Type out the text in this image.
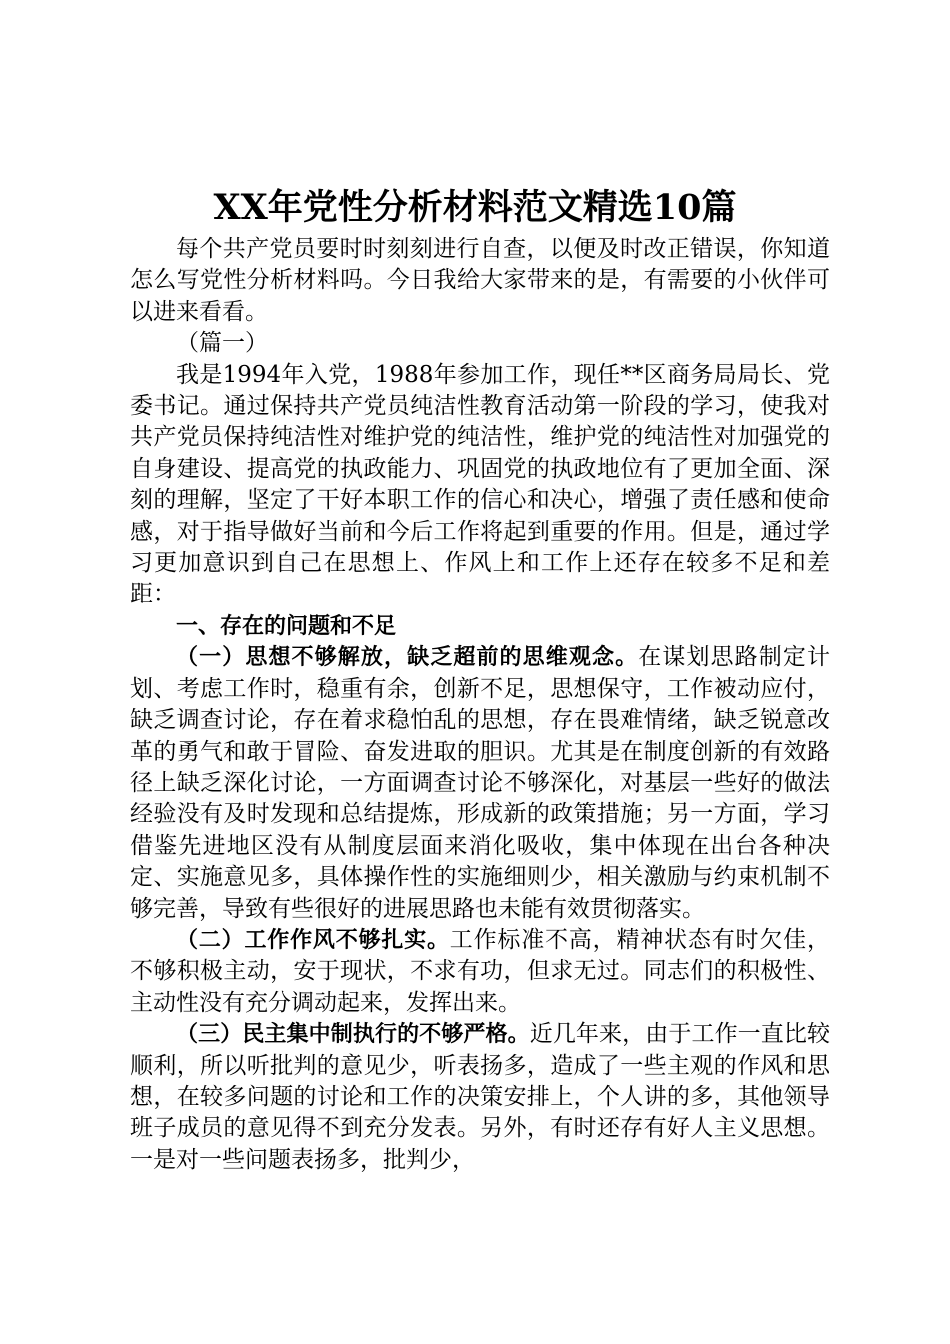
XX年党性分析材料范文精选10篇

每个共产党员要时时刻刻进行自查，以便及时改正错误，你知道怎么写党性分析材料吗。今日我给大家带来的是，有需要的小伙伴可以进来看看。

（篇一）

我是1994年入党，1988年参加工作，现任**区商务局局长、党委书记。通过保持共产党员纯洁性教育活动第一阶段的学习，使我对共产党员保持纯洁性对维护党的纯洁性，维护党的纯洁性对加强党的自身建设、提高党的执政能力、巩固党的执政地位有了更加全面、深刻的理解，坚定了干好本职工作的信心和决心，增强了责任感和使命感，对于指导做好当前和今后工作将起到重要的作用。但是，通过学习更加意识到自己在思想上、作风上和工作上还存在较多不足和差距：

一、存在的问题和不足

（一）思想不够解放，缺乏超前的思维观念。在谋划思路制定计划、考虑工作时，稳重有余，创新不足，思想保守，工作被动应付，缺乏调查讨论，存在着求稳怕乱的思想，存在畏难情绪，缺乏锐意改革的勇气和敢于冒险、奋发进取的胆识。尤其是在制度创新的有效路径上缺乏深化讨论，一方面调查讨论不够深化，对基层一些好的做法经验没有及时发现和总结提炼，形成新的政策措施；另一方面，学习借鉴先进地区没有从制度层面来消化吸收，集中体现在出台各种决定、实施意见多，具体操作性的实施细则少，相关激励与约束机制不够完善，导致有些很好的进展思路也未能有效贯彻落实。

（二）工作作风不够扎实。工作标准不高，精神状态有时欠佳，不够积极主动，安于现状，不求有功，但求无过。同志们的积极性、主动性没有充分调动起来，发挥出来。

（三）民主集中制执行的不够严格。近几年来，由于工作一直比较顺利，所以听批判的意见少，听表扬多，造成了一些主观的作风和思想，在较多问题的讨论和工作的决策安排上，个人讲的多，其他领导班子成员的意见得不到充分发表。另外，有时还存有好人主义思想。一是对一些问题表扬多，批判少，
